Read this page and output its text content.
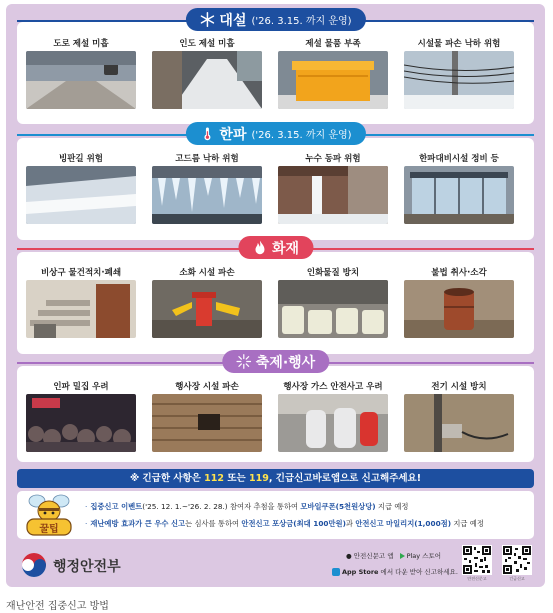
대설 ('26. 3.15. 까지 운영)
한파 ('26. 3.15. 까지 운영)
화재
축제·행사
도로 제설 미흡	인도 제설 미흡	제설 물품 부족	시설물 파손 낙하 위험
빙판길 위험	고드름 낙하 위험	누수 동파 위험	한파대비시설 정비 등
비상구 물건적치·폐쇄	소화 시설 파손	인화물질 방치	불법 취사·소각
인파 밀집 우려	행사장 시설 파손	행사장 가스 안전사고 우려	전기 시설 방치
※ 긴급한 사항은 112 또는 119, 긴급신고바로앱으로 신고해주세요!
꿀팁
· 집중신고 이벤트('25. 12. 1.~'26. 2. 28.) 참여자 추첨을 통하여 모바일쿠폰(5천원상당) 지급 예정
· 재난예방 효과가 큰 우수 신고는 심사를 통하여 안전신고 포상금(최대 100만원)과 안전신고 마일리지(1,000점) 지급 예정
행정안전부
● 안전신문고 앱 Play 스토어
App Store 에서 다운 받아 신고하세요.
안전신문고	긴급신고
재난안전 집중신고 방법
